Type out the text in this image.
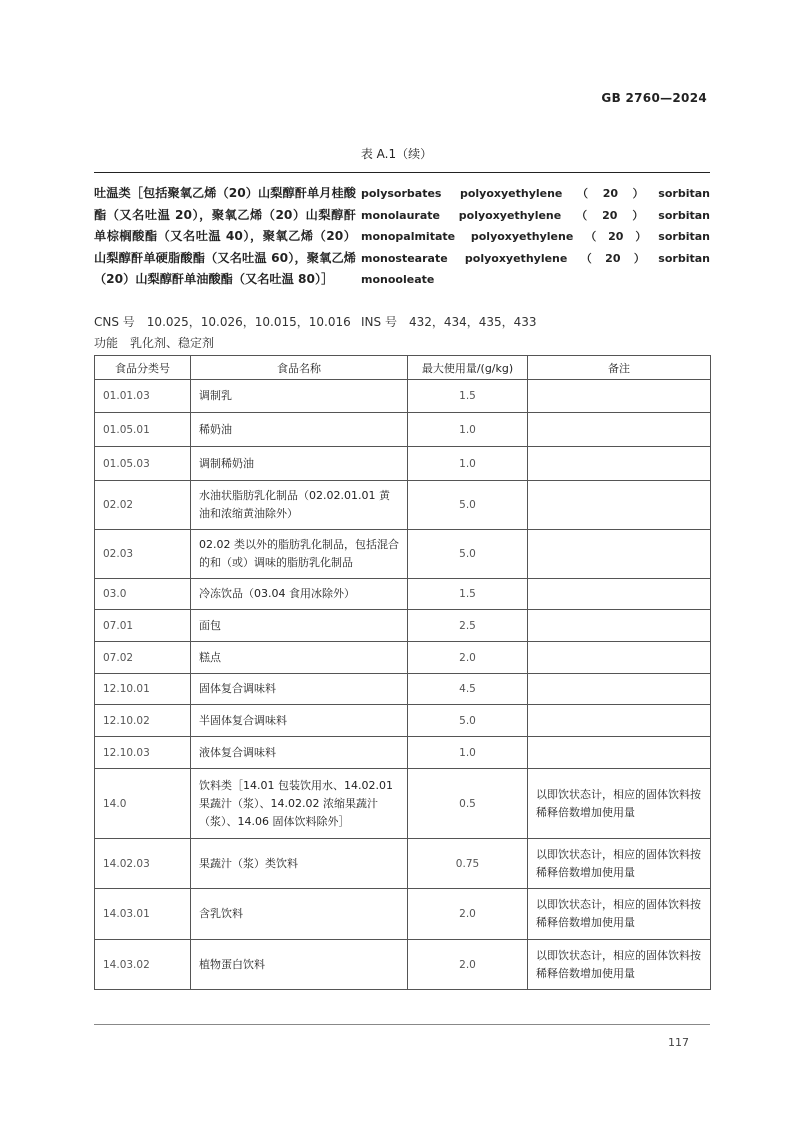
GB 2760—2024
表 A.1（续）
吐温类［包括聚氧乙烯（20）山梨醇酐单月桂酸酯（又名吐温 20），聚氧乙烯（20）山梨醇酐单棕榈酸酯（又名吐温 40），聚氧乙烯（20）山梨醇酐单硬脂酸酯（又名吐温 60），聚氧乙烯（20）山梨醇酐单油酸酯（又名吐温 80）］
polysorbates polyoxyethylene（20）sorbitan monolaurate polyoxyethylene（20）sorbitan monopalmitate polyoxyethylene（20）sorbitan monostearate polyoxyethylene（20）sorbitan monooleate
CNS 号 10.025，10.026，10.015，10.016 INS 号 432，434，435，433
功能 乳化剂、稳定剂
食品分类号	食品名称	最大使用量/(g/kg)	备注
01.01.03	调制乳	1.5	
01.05.01	稀奶油	1.0	
01.05.03	调制稀奶油	1.0	
02.02	水油状脂肪乳化制品（02.02.01.01 黄油和浓缩黄油除外）	5.0	
02.03	02.02 类以外的脂肪乳化制品，包括混合的和（或）调味的脂肪乳化制品	5.0	
03.0	冷冻饮品（03.04 食用冰除外）	1.5	
07.01	面包	2.5	
07.02	糕点	2.0	
12.10.01	固体复合调味料	4.5	
12.10.02	半固体复合调味料	5.0	
12.10.03	液体复合调味料	1.0	
14.0	饮料类［14.01 包装饮用水、14.02.01 果蔬汁（浆）、14.02.02 浓缩果蔬汁（浆）、14.06 固体饮料除外］	0.5	以即饮状态计，相应的固体饮料按稀释倍数增加使用量
14.02.03	果蔬汁（浆）类饮料	0.75	以即饮状态计，相应的固体饮料按稀释倍数增加使用量
14.03.01	含乳饮料	2.0	以即饮状态计，相应的固体饮料按稀释倍数增加使用量
14.03.02	植物蛋白饮料	2.0	以即饮状态计，相应的固体饮料按稀释倍数增加使用量
117
